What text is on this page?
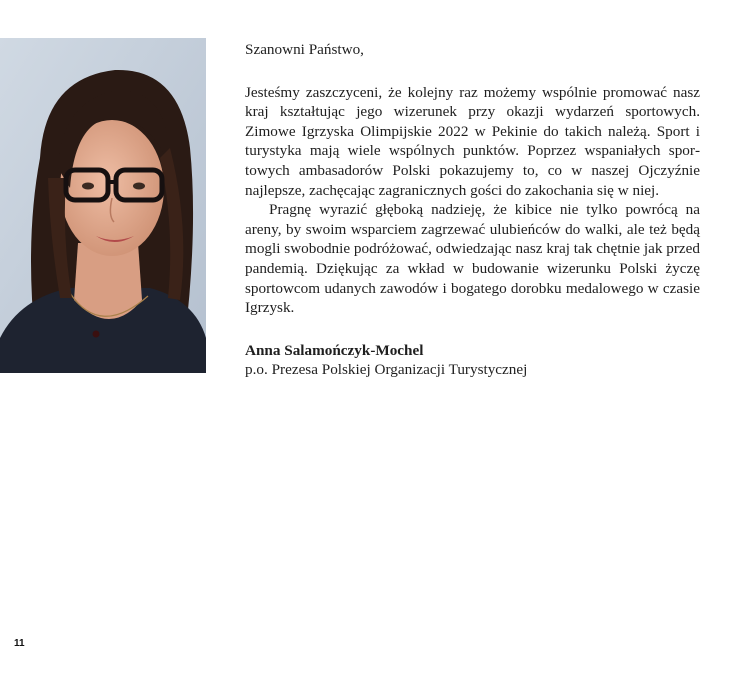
Szanowni Państwo,

Jesteśmy zaszczyceni, że kolejny raz możemy wspólnie promować nasz kraj kształtując jego wizerunek przy okazji wydarzeń sportowych. Zimowe Igrzyska Olimpijskie 2022 w Pekinie do takich należą. Sport i turystyka mają wiele wspólnych punktów. Poprzez wspaniałych sportowych ambasadorów Polski pokazujemy to, co w naszej Ojczyźnie najlepsze, zachęcając zagranicznych gości do zakochania się w niej.

Pragnę wyrazić głęboką nadzieję, że kibice nie tylko powrócą na areny, by swoim wsparciem zagrzewać ulubieńców do walki, ale też będą mogli swobodnie podróżować, odwiedzając nasz kraj tak chętnie jak przed pandemią. Dziękując za wkład w budowanie wizerunku Polski życzę sportowcom udanych zawodów i bogatego dorobku medalowego w czasie Igrzysk.

Anna Salamończyk-Mochel
p.o. Prezesa Polskiej Organizacji Turystycznej
11
